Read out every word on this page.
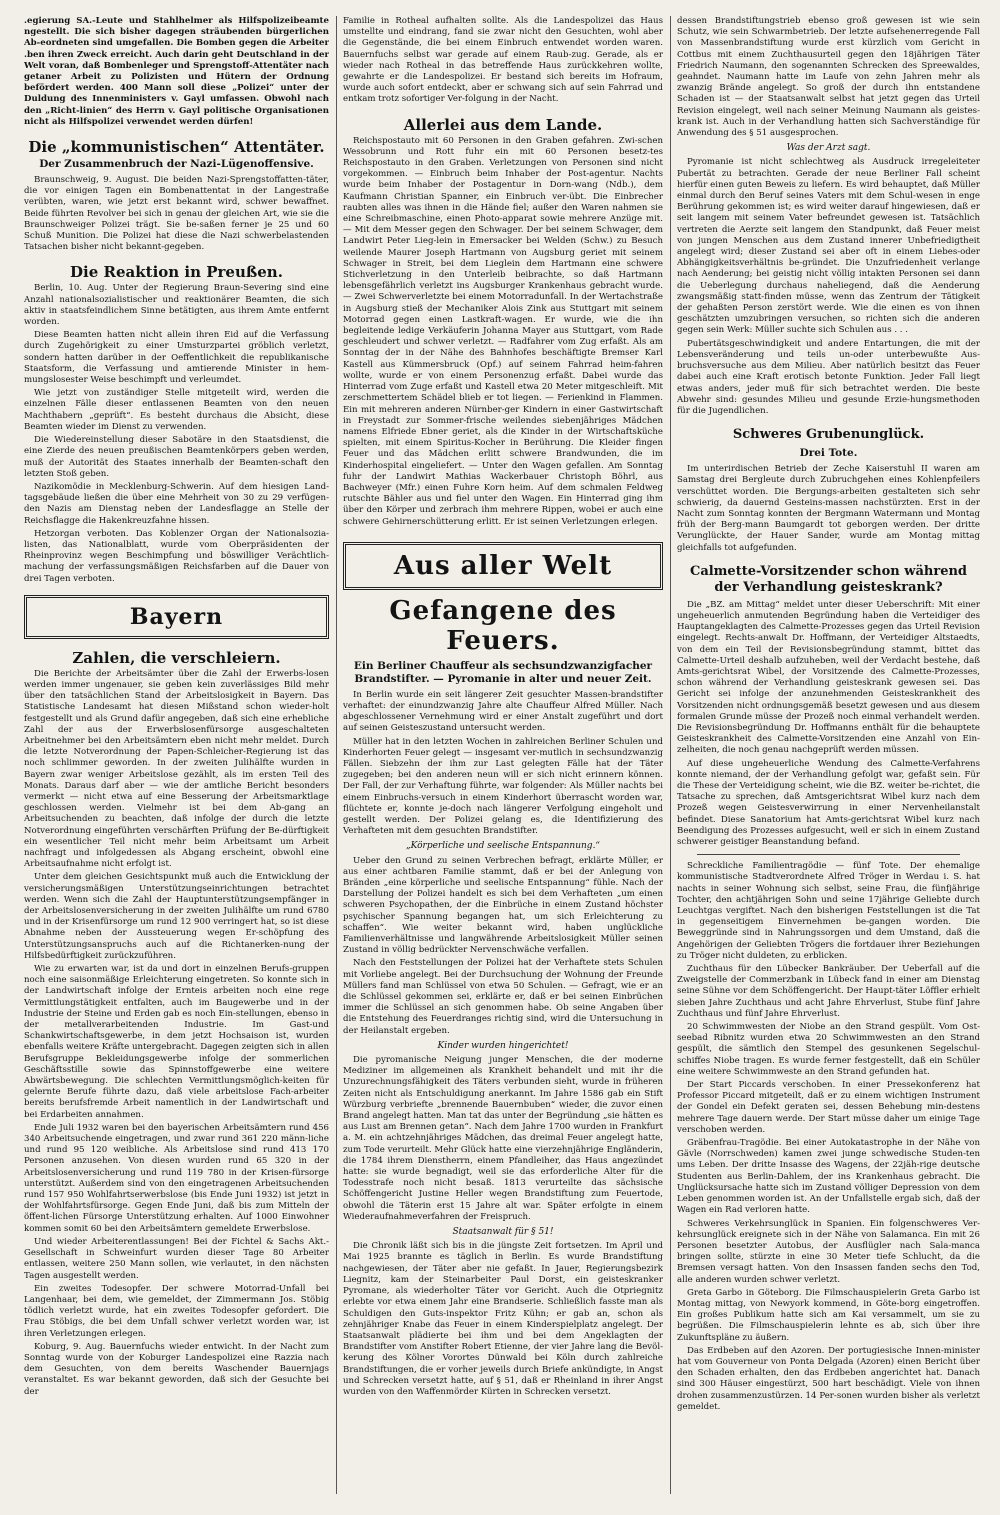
.egierung SA.-Leute und Stahlhelmer als Hilfspolizeibeamte ngestellt. Die sich bisher dagegen sträubenden bürgerlichen Ab-eordneten sind umgefallen. Die Bomben gegen die Arbeiter .ben ihren Zweck erreicht. Auch darin geht Deutschland in der Welt voran, daß Bombenleger und Sprengstoff-Attentäter nach getaner Arbeit zu Polizisten und Hütern der Ordnung befördert werden. 400 Mann soll diese „Polizei“ unter der Duldung des Innenministers v. Gayl umfassen. Obwohl nach den „Richt-linien“ des Herrn v. Gayl politische Organisationen nicht als Hilfspolizei verwendet werden dürfen!

Die „kommunistischen“ Attentäter.
Der Zusammenbruch der Nazi-Lügenoffensive.

Braunschweig, 9. August. Die beiden Nazi-Sprengstoffatten-täter, die vor einigen Tagen ein Bombenattentat in der Langestraße verübten, waren, wie jetzt erst bekannt wird, schwer bewaffnet. Beide führten Revolver bei sich in genau der gleichen Art, wie sie die Braunschweiger Polizei trägt. Sie be-saßen ferner je 25 und 60 Schuß Munition. Die Polizei hat diese die Nazi schwerbelastenden Tatsachen bisher nicht bekannt-gegeben.

Die Reaktion in Preußen.

Berlin, 10. Aug. Unter der Regierung Braun-Severing sind eine Anzahl nationalsozialistischer und reaktionärer Beamten, die sich aktiv in staatsfeindlichem Sinne betätigten, aus ihrem Amte entfernt worden.

Diese Beamten hatten nicht allein ihren Eid auf die Verfassung durch Zugehörigkeit zu einer Umsturzpartei gröblich verletzt, sondern hatten darüber in der Oeffentlichkeit die republikanische Staatsform, die Verfassung und amtierende Minister in hem-mungslosester Weise beschimpft und verleumdet.

Wie jetzt von zuständiger Stelle mitgeteilt wird, werden die einzelnen Fälle dieser entlassenen Beamten von den neuen Machthabern „geprüft“. Es besteht durchaus die Absicht, diese Beamten wieder im Dienst zu verwenden.

Die Wiedereinstellung dieser Sabotäre in den Staatsdienst, die eine Zierde des neuen preußischen Beamtenkörpers geben werden, muß der Autorität des Staates innerhalb der Beamten-schaft den letzten Stoß geben.

Nazikomödie in Mecklenburg-Schwerin. Auf dem hiesigen Land-tagsgebäude ließen die über eine Mehrheit von 30 zu 29 verfügen-den Nazis am Dienstag neben der Landesflagge an Stelle der Reichsflagge die Hakenkreuzfahne hissen.

Hetzorgan verboten. Das Koblenzer Organ der Nationalsozia-listen, das Nationalblatt, wurde vom Oberpräsidenten der Rheinprovinz wegen Beschimpfung und böswilliger Verächtlich-machung der verfassungsmäßigen Reichsfarben auf die Dauer von drei Tagen verboten.

Bayern
Zahlen, die verschleiern.

Die Berichte der Arbeitsämter über die Zahl der Erwerbs-losen werden immer ungenauer, sie geben kein zuverlässiges Bild mehr über den tatsächlichen Stand der Arbeitslosigkeit in Bayern. Das Statistische Landesamt hat diesen Mißstand schon wieder-holt festgestellt und als Grund dafür angegeben, daß sich eine erhebliche Zahl der aus der Erwerbslosenfürsorge ausgeschalteten Arbeitnehmer bei den Arbeitsämtern eben nicht mehr meldet. Durch die letzte Notverordnung der Papen-Schleicher-Regierung ist das noch schlimmer geworden. In der zweiten Julihälfte wurden in Bayern zwar weniger Arbeitslose gezählt, als im ersten Teil des Monats. Daraus darf aber — wie der amtliche Bericht besonders vermerkt — nicht etwa auf eine Besserung der Arbeitsmarktlage geschlossen werden. Vielmehr ist bei dem Ab-gang an Arbeitsuchenden zu beachten, daß infolge der durch die letzte Notverordnung eingeführten verschärften Prüfung der Be-dürftigkeit ein wesentlicher Teil nicht mehr beim Arbeitsamt um Arbeit nachfragt und infolgedessen als Abgang erscheint, obwohl eine Arbeitsaufnahme nicht erfolgt ist.

Unter dem gleichen Gesichtspunkt muß auch die Entwicklung der versicherungsmäßigen Unterstützungseinrichtungen betrachtet werden. Wenn sich die Zahl der Hauptunterstützungsempfänger in der Arbeitslosenversicherung in der zweiten Julihälfte um rund 6780 und in der Krisenfürsorge um rund 12 900 verringert hat, so ist diese Abnahme neben der Aussteuerung wegen Er-schöpfung des Unterstützungsanspruchs auch auf die Richtanerken-nung der Hilfsbedürftigkeit zurückzuführen.

Wie zu erwarten war, ist da und dort in einzelnen Berufs-gruppen noch eine saisonmäßige Erleichterung eingetreten. So konnte sich in der Landwirtschaft infolge der Ernteis arbeiten noch eine rege Vermittlungstätigkeit entfalten, auch im Baugewerbe und in der Industrie der Steine und Erden gab es noch Ein-stellungen, ebenso in der metallverarbeitenden Industrie. Im Gast-und Schankwirtschaftsgewerbe, in dem jetzt Hochsaison ist, wurden ebenfalls weitere Kräfte untergebracht. Dagegen zeigten sich in allen Berufsgruppe Bekleidungsgewerbe infolge der sommerlichen Geschäftsstille sowie das Spinnstoffgewerbe eine weitere Abwärtsbewegung. Die schlechten Vermittlungsmöglich-keiten für gelernte Berufe führte dazu, daß viele arbeitslose Fach-arbeiter bereits berufsfremde Arbeit namentlich in der Landwirtschaft und bei Erdarbeiten annahmen.

Ende Juli 1932 waren bei den bayerischen Arbeitsämtern rund 456 340 Arbeitsuchende eingetragen, und zwar rund 361 220 männ-liche und rund 95 120 weibliche. Als Arbeitslose sind rund 413 170 Personen anzusehen. Von diesen wurden rund 65 320 in der Arbeitslosenversicherung und rund 119 780 in der Krisen-fürsorge unterstützt. Außerdem sind von den eingetragenen Arbeitsuchenden rund 157 950 Wohlfahrtserwerbslose (bis Ende Juni 1932) ist jetzt in der Wohlfahrtsfürsorge. Gegen Ende Juni, daß bis zum Mitteln der öffent-lichen Fürsorge Unterstützung erhalten. Auf 1000 Einwohner kommen somit 60 bei den Arbeitsämtern gemeldete Erwerbslose.

Und wieder Arbeiterentlassungen! Bei der Fichtel & Sachs Akt.-Gesellschaft in Schweinfurt wurden dieser Tage 80 Arbeiter entlassen, weitere 250 Mann sollen, wie verlautet, in den nächsten Tagen ausgestellt werden.

Ein zweites Todesopfer. Der schwere Motorrad-Unfall bei Langenhaar, bei dem, wie gemeldet, der Zimmermann Jos. Stöbig tödlich verletzt wurde, hat ein zweites Todesopfer gefordert. Die Frau Stöbigs, die bei dem Unfall schwer verletzt worden war, ist ihren Verletzungen erlegen.

Koburg, 9. Aug. Bauernfuchs wieder entwicht. In der Nacht zum Sonntag wurde von der Koburger Landespolizei eine Razzia nach dem Gesuchten, von dem bereits Waschender Bauernjags veranstaltet. Es war bekannt geworden, daß sich der Gesuchte bei der

Familie in Rotheal aufhalten sollte. Als die Landespolizei das Haus umstellte und eindrang, fand sie zwar nicht den Gesuchten, wohl aber die Gegenstände, die bei einem Einbruch entwendet worden waren. Bauernfuchs selbst war gerade auf einem Raub-zug. Gerade, als er wieder nach Rotheal in das betreffende Haus zurückkehren wollte, gewahrte er die Landespolizei. Er bestand sich bereits im Hofraum, wurde auch sofort entdeckt, aber er schwang sich auf sein Fahrrad und entkam trotz sofortiger Ver-folgung in der Nacht.

Allerlei aus dem Lande.

Reichspostauto mit 60 Personen in den Graben gefahren. Zwi-schen Wessobrunn und Rott fuhr ein mit 60 Personen besetz-tes Reichspostauto in den Graben. Verletzungen von Personen sind nicht vorgekommen. — Einbruch beim Inhaber der Post-agentur. Nachts wurde beim Inhaber der Postagentur in Dorn-wang (Ndb.), dem Kaufmann Christian Spanner, ein Einbruch ver-übt. Die Einbrecher raubten alles was ihnen in die Hände fiel; außer den Waren nahmen sie eine Schreibmaschine, einen Photo-apparat sowie mehrere Anzüge mit. — Mit dem Messer gegen den Schwager. Der bei seinem Schwager, dem Landwirt Peter Lieg-lein in Emersacker bei Welden (Schw.) zu Besuch weilende Maurer Joseph Hartmann von Augsburg geriet mit seinem Schwager in Streit, bei dem Lieglein dem Hartmann eine schwere Stichverletzung in den Unterleib beibrachte, so daß Hartmann lebensgefährlich verletzt ins Augsburger Krankenhaus gebracht wurde. — Zwei Schwerverletzte bei einem Motorradunfall. In der Wertachstraße in Augsburg stieß der Mechaniker Alois Zink aus Stuttgart mit seinem Motorrad gegen einen Lastkraft-wagen. Er wurde, wie die ihn begleitende ledige Verkäuferin Johanna Mayer aus Stuttgart, vom Rade geschleudert und schwer verletzt. — Radfahrer vom Zug erfaßt. Als am Sonntag der in der Nähe des Bahnhofes beschäftigte Bremser Karl Kastell aus Kümmersbruck (Opf.) auf seinem Fahrrad heim-fahren wollte, wurde er von einem Personenzug erfaßt. Dabei wurde das Hinterrad vom Zuge erfaßt und Kastell etwa 20 Meter mitgeschleift. Mit zerschmettertem Schädel blieb er tot liegen. — Ferienkind in Flammen. Ein mit mehreren anderen Nürnber-ger Kindern in einer Gastwirtschaft in Freystadt zur Sommer-frische weilendes siebenjähriges Mädchen namens Elfriede Ebner geriet, als die Kinder in der Wirtschaftsküche spielten, mit einem Spiritus-Kocher in Berührung. Die Kleider fingen Feuer und das Mädchen erlitt schwere Brandwunden, die im Kinderhospital eingeliefert. — Unter den Wagen gefallen. Am Sonntag fuhr der Landwirt Mathias Wackerbauer Christoph Böhrl, aus Bachweyer (Mfr.) einen Fuhre Korn heim. Auf dem schmalen Feldweg rutschte Bähler aus und fiel unter den Wagen. Ein Hinterrad ging ihm über den Körper und zerbrach ihm mehrere Rippen, wobei er auch eine schwere Gehirnerschütterung erlitt. Er ist seinen Verletzungen erlegen.

Aus aller Welt
Gefangene des Feuers.
Ein Berliner Chauffeur als sechsundzwanzigfacher Brandstifter. — Pyromanie in alter und neuer Zeit.

In Berlin wurde ein seit längerer Zeit gesuchter Massen-brandstifter verhaftet: der einundzwanzig Jahre alte Chauffeur Alfred Müller. Nach abgeschlossener Vernehmung wird er einer Anstalt zugeführt und dort auf seinen Geisteszustand untersucht werden.

Müller hat in den letzten Wochen in zahlreichen Berliner Schulen und Kinderhorten Feuer gelegt — insgesamt ver-mutlich in sechsundzwanzig Fällen. Siebzehn der ihm zur Last gelegten Fälle hat der Täter zugegeben; bei den anderen neun will er sich nicht erinnern können. Der Fall, der zur Verhaftung führte, war folgender: Als Müller nachts bei einem Einbruchs-versuch in einem Kinderhort überrascht worden war, flüchtete er, konnte je-doch nach längerer Verfolgung eingeholt und gestellt werden. Der Polizei gelang es, die Identifizierung des Verhafteten mit dem gesuchten Brandstifter.

„Körperliche und seelische Entspannung.“

Ueber den Grund zu seinen Verbrechen befragt, erklärte Müller, er aus einer achtbaren Familie stammt, daß er bei der Anlegung von Bränden „eine körperliche und seelische Entspannung“ fühle. Nach der Darstellung der Polizei handelt es sich bei dem Verhafteten „um einen schweren Psychopathen, der die Einbrüche in einem Zustand höchster psychischer Spannung begangen hat, um sich Erleichterung zu schaffen“. Wie weiter bekannt wird, haben unglückliche Familienverhältnisse und langwährende Arbeitslosigkeit Müller seinen Zustand in völlig bedrückter Nervenschwäche verfallen.

Nach den Feststellungen der Polizei hat der Verhaftete stets Schulen mit Vorliebe angelegt. Bei der Durchsuchung der Wohnung der Freunde Müllers fand man Schlüssel von etwa 50 Schulen. — Gefragt, wie er an die Schlüssel gekommen sei, erklärte er, daß er bei seinen Einbrüchen immer die Schlüssel an sich genommen habe. Ob seine Angaben über die Entstehung des Feuerdranges richtig sind, wird die Untersuchung in der Heilanstalt ergeben.

Kinder wurden hingerichtet!

Die pyromanische Neigung junger Menschen, die der moderne Mediziner im allgemeinen als Krankheit behandelt und mit ihr die Unzurechnungsfähigkeit des Täters verbunden sieht, wurde in früheren Zeiten nicht als Entschuldigung anerkannt. Im Jahre 1586 gab ein Stift Würzburg verbriefte „brennende Bauernbuben“ wieder, die zuvor einen Brand angelegt hatten. Man tat das unter der Begründung „sie hätten es aus Lust am Brennen getan“. Nach dem Jahre 1700 wurden in Frankfurt a. M. ein achtzehnjähriges Mädchen, das dreimal Feuer angelegt hatte, zum Tode verurteilt. Mehr Glück hatte eine vierzehnjährige Engländerin, die 1784 ihrem Dienstherrn, einem Pfandleiher, das Haus angezündet hatte: sie wurde begnadigt, weil sie das erforderliche Alter für die Todesstrafe noch nicht besaß. 1813 verurteilte das sächsische Schöffengericht Justine Heller wegen Brandstiftung zum Feuertode, obwohl die Täterin erst 15 Jahre alt war. Später erfolgte in einem Wiederaufnahmeverfahren der Freispruch.

Staatsanwalt für § 51!

Die Chronik läßt sich bis in die jüngste Zeit fortsetzen. Im April und Mai 1925 brannte es täglich in Berlin. Es wurde Brandstiftung nachgewiesen, der Täter aber nie gefaßt. In Jauer, Regierungsbezirk Liegnitz, kam der Steinarbeiter Paul Dorst, ein geisteskranker Pyromane, als wiederholter Täter vor Gericht. Auch die Otpriegnitz erlebte vor etwa einem Jahr eine Brandserie. Schließlich fasste man als Schuldigen den Guts-inspektor Fritz Kühn; er gab an, schon als zehnjähriger Knabe das Feuer in einem Kinderspielplatz angelegt. Der Staatsanwalt plädierte bei ihm und bei dem Angeklagten der Brandstifter vom Anstifter Robert Etienne, der vier Jahre lang die Bevöl-kerung des Kölner Vorortes Dünwald bei Köln durch zahlreiche Brandstiftungen, die er vorher jeweils durch Briefe ankündigte, in Angst und Schrecken versetzt hatte, auf § 51, daß er Rheinland in ihrer Angst wurden von den Waffenmörder Kürten in Schrecken versetzt.

dessen Brandstiftungstrieb ebenso groß gewesen ist wie sein Schutz, wie sein Schwarmbetrieb. Der letzte aufsehenerregende Fall von Massenbrandstiftung wurde erst kürzlich vom Gericht in Cottbus mit einem Zuchthausurteil gegen den 18jährigen Täter Friedrich Naumann, den sogenannten Schrecken des Spreewaldes, geahndet. Naumann hatte im Laufe von zehn Jahren mehr als zwanzig Brände angelegt. So groß der durch ihn entstandene Schaden ist — der Staatsanwalt selbst hat jetzt gegen das Urteil Revision eingelegt, weil nach seiner Meinung Naumann als geistes-krank ist. Auch in der Verhandlung hatten sich Sachverständige für Anwendung des § 51 ausgesprochen.

Was der Arzt sagt.

Pyromanie ist nicht schlechtweg als Ausdruck irregeleiteter Pubertät zu betrachten. Gerade der neue Berliner Fall scheint hierfür einen guten Beweis zu liefern. Es wird behauptet, daß Müller einmal durch den Beruf seines Vaters mit dem Schul-wesen in enge Berührung gekommen ist; es wird weiter darauf hingewiesen, daß er seit langem mit seinem Vater befreundet gewesen ist. Tatsächlich vertreten die Aerzte seit langem den Standpunkt, daß Feuer meist von jungen Menschen aus dem Zustand innerer Unbefriedigtheit angelegt wird; dieser Zustand sei aber oft in einem Liebes-oder Abhängigkeitsverhältnis be-gründet. Die Unzufriedenheit verlange nach Aenderung; bei geistig nicht völlig intakten Personen sei dann die Ueberlegung durchaus naheliegend, daß die Aenderung zwangsmäßig statt-finden müsse, wenn das Zentrum der Tätigkeit der gehaßten Person zerstört werde. Wie die einen es von ihnen geschätzten umzubringen versuchen, so richten sich die anderen gegen sein Werk: Müller suchte sich Schulen aus . . .

Pubertätsgeschwindigkeit und andere Entartungen, die mit der Lebensveränderung und teils un-oder unterbewußte Aus-bruchsversuche aus dem Milieu. Aber natürlich besitzt das Feuer dabei auch eine Kraft erotisch betonte Funktion. Jeder Fall liegt etwas anders, jeder muß für sich betrachtet werden. Die beste Abwehr sind: gesundes Milieu und gesunde Erzie-hungsmethoden für die Jugendlichen.

Schweres Grubenunglück.
Drei Tote.

Im unterirdischen Betrieb der Zeche Kaiserstuhl II waren am Samstag drei Bergleute durch Zubruchgehen eines Kohlenpfeilers verschüttet worden. Die Bergungs-arbeiten gestalteten sich sehr schwierig, da dauernd Gesteins-massen nachstürzten. Erst in der Nacht zum Sonntag konnten der Bergmann Watermann und Montag früh der Berg-mann Baumgardt tot geborgen werden. Der dritte Verunglückte, der Hauer Sander, wurde am Montag mittag gleichfalls tot aufgefunden.

Calmette-Vorsitzender schon während der Verhandlung geisteskrank?

Die „BZ. am Mittag“ meldet unter dieser Ueberschrift: Mit einer ungeheuerlich anmutenden Begründung haben die Verteidiger des Hauptangeklagten des Calmette-Prozesses gegen das Urteil Revision eingelegt. Rechts-anwalt Dr. Hoffmann, der Verteidiger Altstaedts, von dem ein Teil der Revisionsbegründung stammt, bittet das Calmette-Urteil deshalb aufzuheben, weil der Verdacht bestehe, daß Amts-gerichtsrat Wibel, der Vorsitzende des Calmette-Prozesses, schon während der Verhandlung geisteskrank gewesen sei. Das Gericht sei infolge der anzunehmenden Geisteskrankheit des Vorsitzenden nicht ordnungsgemäß besetzt gewesen und aus diesem formalen Grunde müsse der Prozeß noch einmal verhandelt werden. Die Revisionsbegründung Dr. Hoffmanns enthält für die behauptete Geisteskrankheit des Calmette-Vorsitzenden eine Anzahl von Ein-zelheiten, die noch genau nachgeprüft werden müssen.

Auf diese ungeheuerliche Wendung des Calmette-Verfahrens konnte niemand, der der Verhandlung gefolgt war, gefaßt sein. Für die These der Verteidigung scheint, wie die BZ. weiter be-richtet, die Tatsache zu sprechen, daß Amtsgerichtsrat Wibel kurz nach dem Prozeß wegen Geistesverwirrung in einer Nervenheilanstalt befindet. Diese Sanatorium hat Amts-gerichtsrat Wibel kurz nach Beendigung des Prozesses aufgesucht, weil er sich in einem Zustand schwerer geistiger Beanstandung befand.

Schreckliche Familientragödie — fünf Tote. Der ehemalige kommunistische Stadtverordnete Alfred Tröger in Werdau i. S. hat nachts in seiner Wohnung sich selbst, seine Frau, die fünfjährige Tochter, den achtjährigen Sohn und seine 17jährige Geliebte durch Leuchtgas vergiftet. Nach den bisherigen Feststellungen ist die Tat in gegenseitigem Einvernehmen be-gangen worden. Die Beweggründe sind in Nahrungssorgen und dem Umstand, daß die Angehörigen der Geliebten Trögers die fortdauer ihrer Beziehungen zu Tröger nicht duldeten, zu erblicken.

Zuchthaus für den Lübecker Bankräuber. Der Ueberfall auf die Zweigstelle der Commerzbank in Lübeck fand in einer am Dienstag seine Sühne vor dem Schöffengericht. Der Haupt-täter Löffler erhielt sieben Jahre Zuchthaus und acht Jahre Ehrverlust, Stube fünf Jahre Zuchthaus und fünf Jahre Ehrverlust.

20 Schwimmwesten der Niobe an den Strand gespült. Vom Ost-seebad Ribnitz wurden etwa 20 Schwimmwesten an den Strand gespült, die sämtlich den Stempel des gesunkenen Segelschul-schiffes Niobe tragen. Es wurde ferner festgestellt, daß ein Schüler eine weitere Schwimmweste an den Strand gefunden hat.

Der Start Piccards verschoben. In einer Pressekonferenz hat Professor Piccard mitgeteilt, daß er zu einem wichtigen Instrument der Gondel ein Defekt geraten sei, dessen Behebung min-destens mehrere Tage dauern werde. Der Start müsse daher um einige Tage verschoben werden.

Gräbenfrau-Tragödie. Bei einer Autokatastrophe in der Nähe von Gävle (Norrschweden) kamen zwei junge schwedische Studen-ten ums Leben. Der dritte Insasse des Wagens, der 22jäh-rige deutsche Studenten aus Berlin-Dahlem, der ins Krankenhaus gebracht. Die Unglücksursache hatte sich im Zustand völliger Depression von dem Leben genommen worden ist. An der Unfallstelle ergab sich, daß der Wagen ein Rad verloren hatte.

Schweres Verkehrsunglück in Spanien. Ein folgenschweres Ver-kehrsunglück ereignete sich in der Nähe von Salamanca. Ein mit 26 Personen besetzter Autobus, der Ausflügler nach Sala-manca bringen sollte, stürzte in eine 30 Meter tiefe Schlucht, da die Bremsen versagt hatten. Von den Insassen fanden sechs den Tod, alle anderen wurden schwer verletzt.

Greta Garbo in Göteborg. Die Filmschauspielerin Greta Garbo ist Montag mittag, von Newyork kommend, in Göte-borg eingetroffen. Ein großes Publikum hatte sich am Kai versammelt, um sie zu begrüßen. Die Filmschauspielerin lehnte es ab, sich über ihre Zukunftspläne zu äußern.

Das Erdbeben auf den Azoren. Der portugiesische Innen-minister hat vom Gouverneur von Ponta Delgada (Azoren) einen Bericht über den Schaden erhalten, den das Erdbeben angerichtet hat. Danach sind 300 Häuser eingestürzt, 500 hart beschädigt. Viele von ihnen drohen zusammenzustürzen. 14 Per-sonen wurden bisher als verletzt gemeldet.
